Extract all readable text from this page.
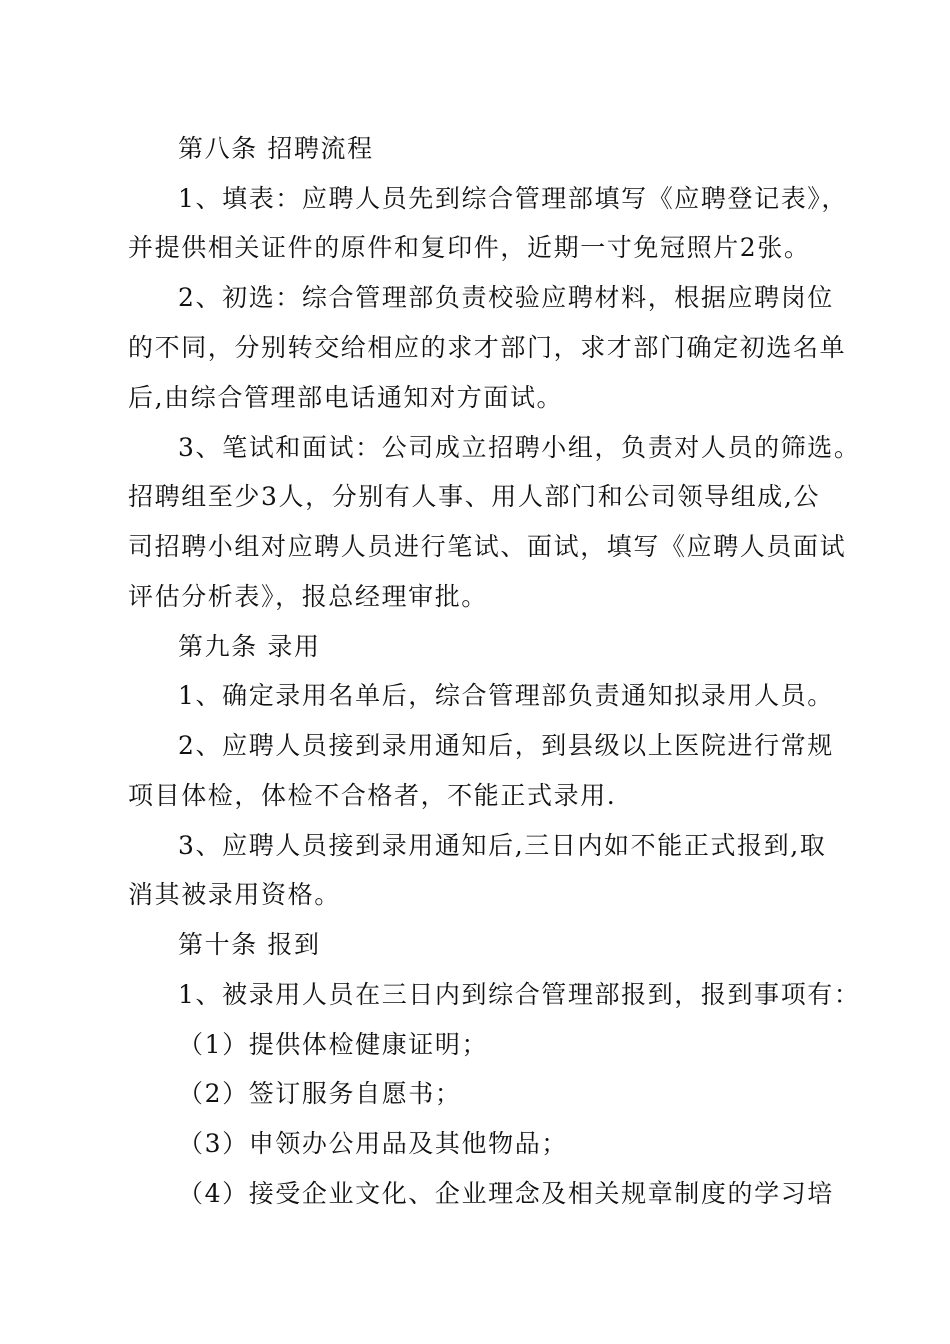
第八条 招聘流程
1、填表：应聘人员先到综合管理部填写《应聘登记表》，
并提供相关证件的原件和复印件，近期一寸免冠照片2张。
2、初选：综合管理部负责校验应聘材料，根据应聘岗位
的不同，分别转交给相应的求才部门，求才部门确定初选名单
后,由综合管理部电话通知对方面试。
3、笔试和面试：公司成立招聘小组，负责对人员的筛选。
招聘组至少3人，分别有人事、用人部门和公司领导组成,公
司招聘小组对应聘人员进行笔试、面试，填写《应聘人员面试
评估分析表》，报总经理审批。
第九条 录用
1、确定录用名单后，综合管理部负责通知拟录用人员。
2、应聘人员接到录用通知后，到县级以上医院进行常规
项目体检，体检不合格者，不能正式录用.
3、应聘人员接到录用通知后,三日内如不能正式报到,取
消其被录用资格。
第十条 报到
1、被录用人员在三日内到综合管理部报到，报到事项有：
（1）提供体检健康证明；
（2）签订服务自愿书；
（3）申领办公用品及其他物品；
（4）接受企业文化、企业理念及相关规章制度的学习培
